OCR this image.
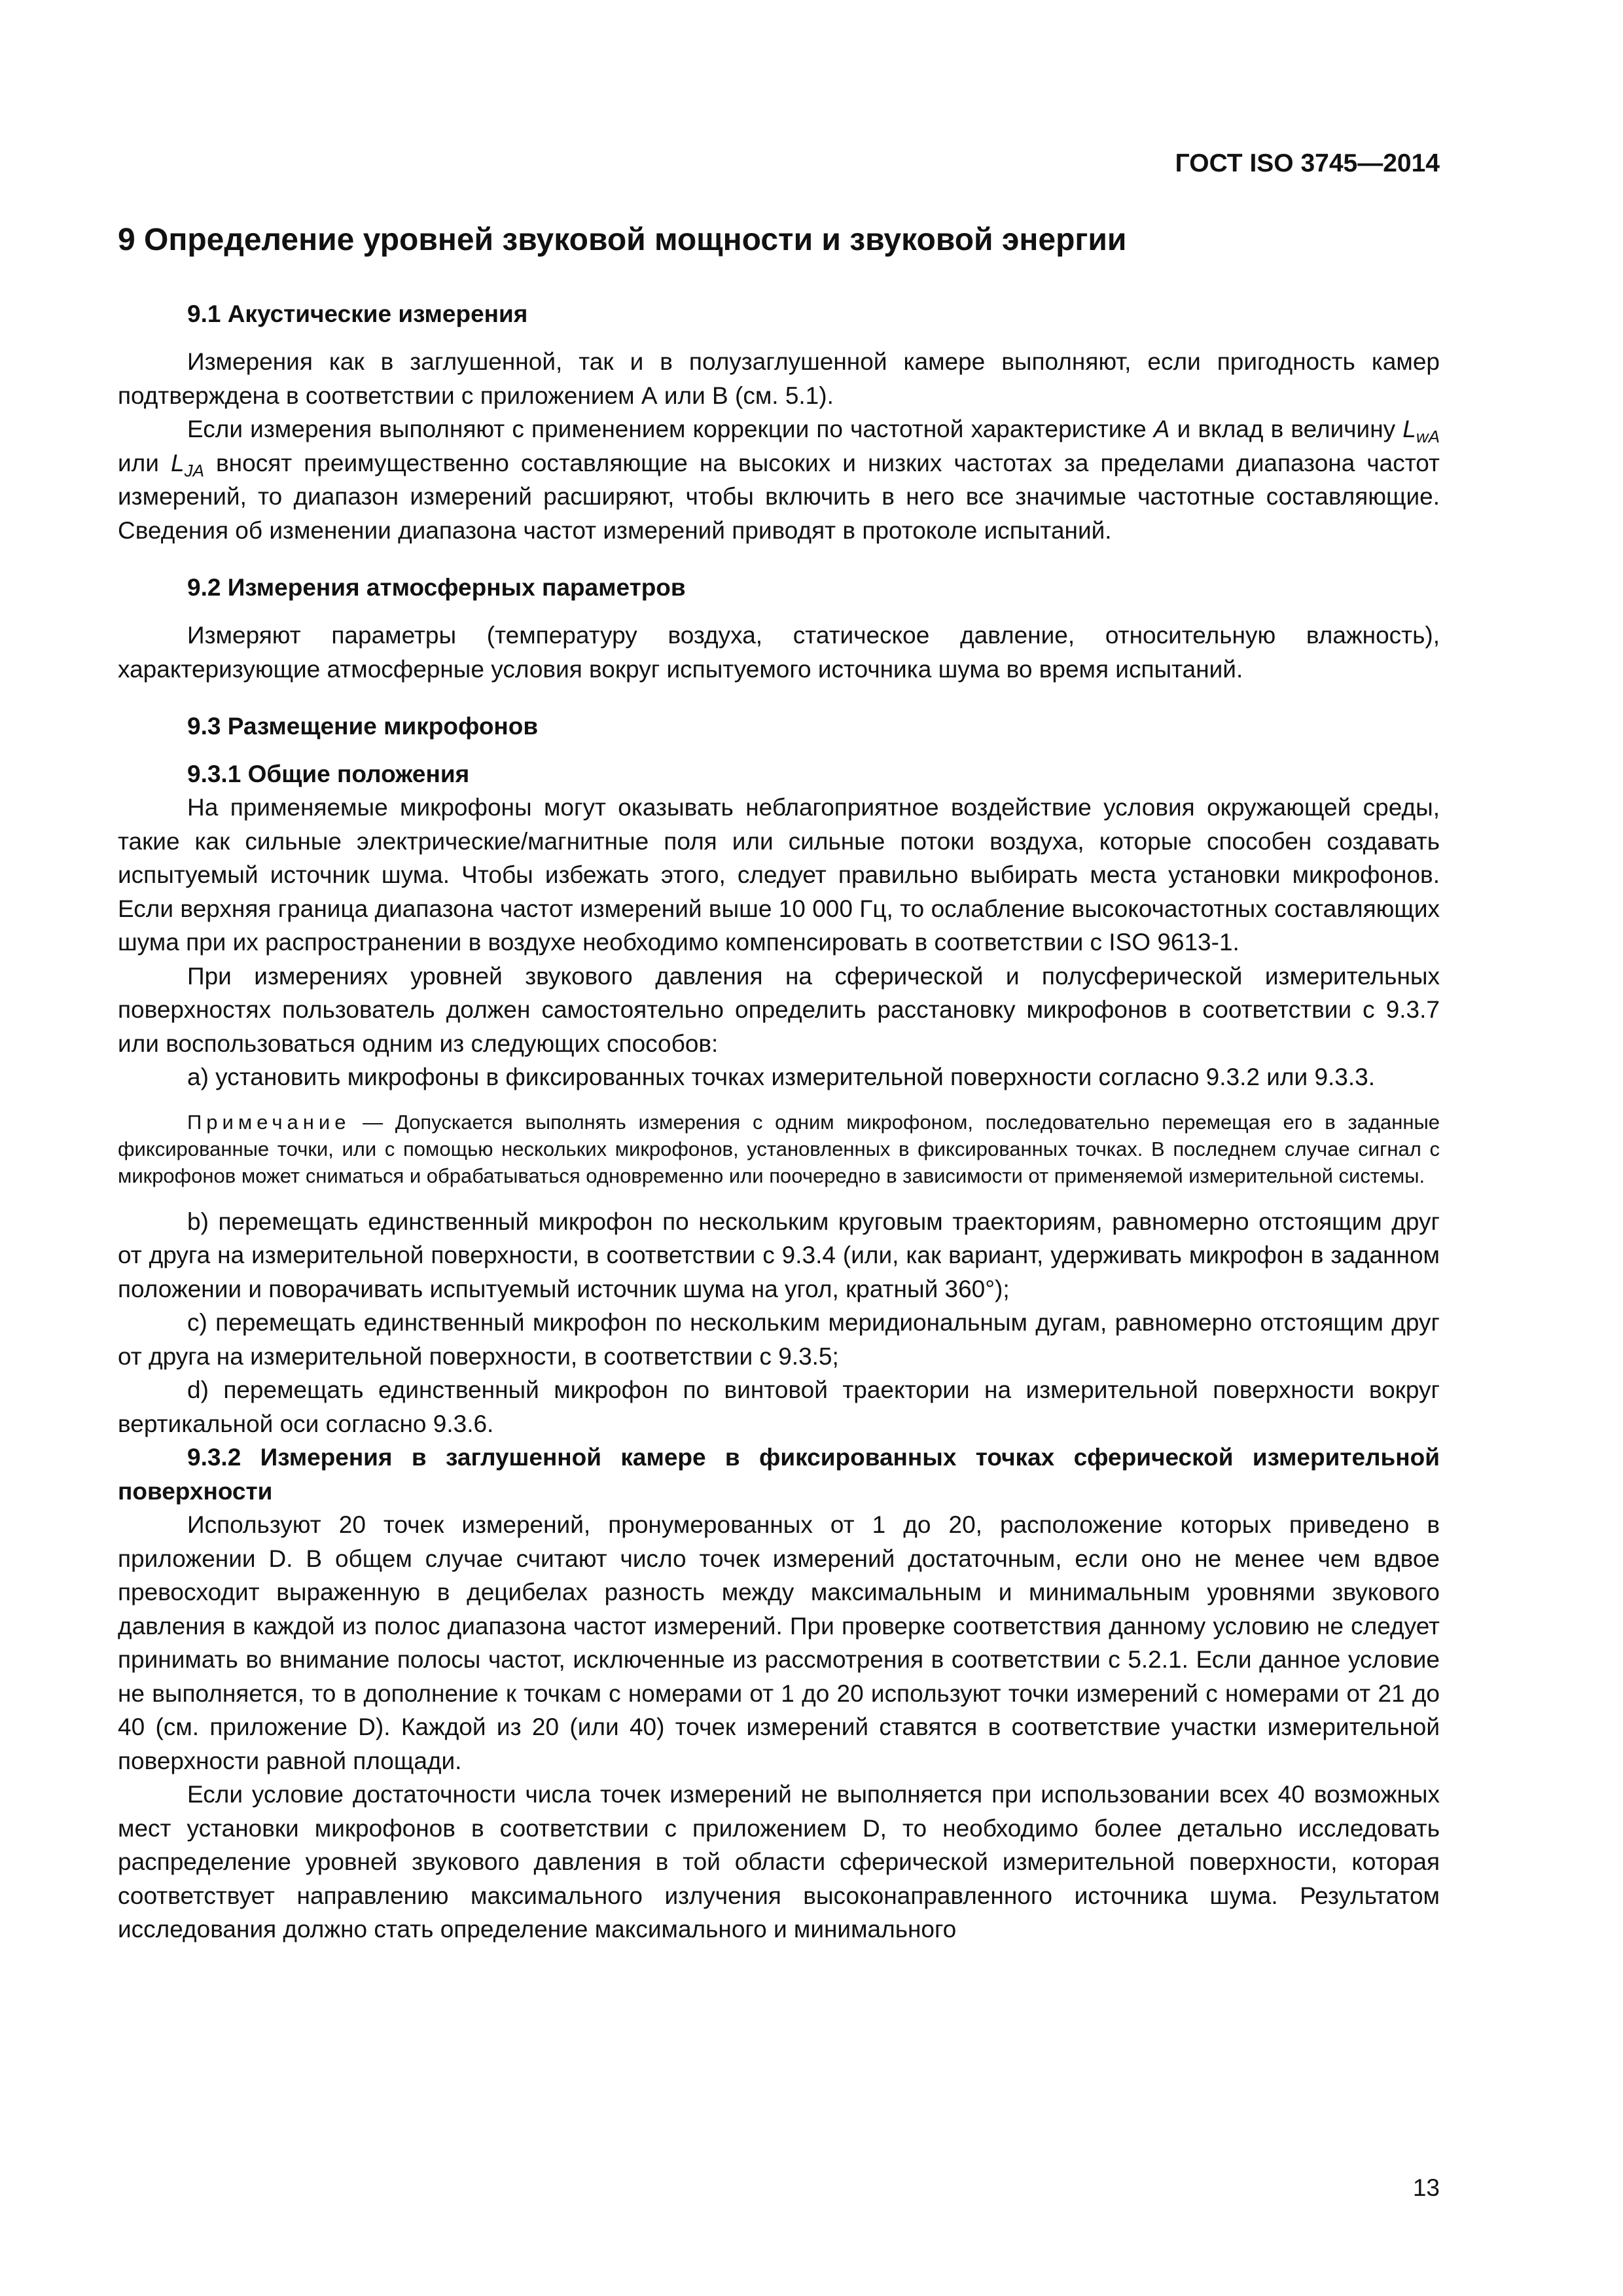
ГОСТ ISO 3745—2014
9 Определение уровней звуковой мощности и звуковой энергии
9.1 Акустические измерения

Измерения как в заглушенной, так и в полузаглушенной камере выполняют, если пригодность камер подтверждена в соответствии с приложением А или В (см. 5.1).

Если измерения выполняют с применением коррекции по частотной характеристике A и вклад в величину $L_{wA}$ или $L_{JA}$ вносят преимущественно составляющие на высоких и низких частотах за пределами диапазона частот измерений, то диапазон измерений расширяют, чтобы включить в него все значимые частотные составляющие. Сведения об изменении диапазона частот измерений приводят в протоколе испытаний.

9.2 Измерения атмосферных параметров

Измеряют параметры (температуру воздуха, статическое давление, относительную влажность), характеризующие атмосферные условия вокруг испытуемого источника шума во время испытаний.

9.3 Размещение микрофонов
9.3.1 Общие положения

На применяемые микрофоны могут оказывать неблагоприятное воздействие условия окружающей среды, такие как сильные электрические/магнитные поля или сильные потоки воздуха, которые способен создавать испытуемый источник шума. Чтобы избежать этого, следует правильно выбирать места установки микрофонов. Если верхняя граница диапазона частот измерений выше 10 000 Гц, то ослабление высокочастотных составляющих шума при их распространении в воздухе необходимо компенсировать в соответствии с ISO 9613-1.

При измерениях уровней звукового давления на сферической и полусферической измерительных поверхностях пользователь должен самостоятельно определить расстановку микрофонов в соответствии с 9.3.7 или воспользоваться одним из следующих способов:

а) установить микрофоны в фиксированных точках измерительной поверхности согласно 9.3.2 или 9.3.3.

Примечание — Допускается выполнять измерения с одним микрофоном, последовательно перемещая его в заданные фиксированные точки, или с помощью нескольких микрофонов, установленных в фиксированных точках. В последнем случае сигнал с микрофонов может сниматься и обрабатываться одновременно или поочередно в зависимости от применяемой измерительной системы.

b) перемещать единственный микрофон по нескольким круговым траекториям, равномерно отстоящим друг от друга на измерительной поверхности, в соответствии с 9.3.4 (или, как вариант, удерживать микрофон в заданном положении и поворачивать испытуемый источник шума на угол, кратный 360°);

с) перемещать единственный микрофон по нескольким меридиональным дугам, равномерно отстоящим друг от друга на измерительной поверхности, в соответствии с 9.3.5;

d) перемещать единственный микрофон по винтовой траектории на измерительной поверхности вокруг вертикальной оси согласно 9.3.6.

9.3.2 Измерения в заглушенной камере в фиксированных точках сферической измерительной поверхности

Используют 20 точек измерений, пронумерованных от 1 до 20, расположение которых приведено в приложении D. В общем случае считают число точек измерений достаточным, если оно не менее чем вдвое превосходит выраженную в децибелах разность между максимальным и минимальным уровнями звукового давления в каждой из полос диапазона частот измерений. При проверке соответствия данному условию не следует принимать во внимание полосы частот, исключенные из рассмотрения в соответствии с 5.2.1. Если данное условие не выполняется, то в дополнение к точкам с номерами от 1 до 20 используют точки измерений с номерами от 21 до 40 (см. приложение D). Каждой из 20 (или 40) точек измерений ставятся в соответствие участки измерительной поверхности равной площади.

Если условие достаточности числа точек измерений не выполняется при использовании всех 40 возможных мест установки микрофонов в соответствии с приложением D, то необходимо более детально исследовать распределение уровней звукового давления в той области сферической измерительной поверхности, которая соответствует направлению максимального излучения высоконаправленного источника шума. Результатом исследования должно стать определение максимального и минимального

13
